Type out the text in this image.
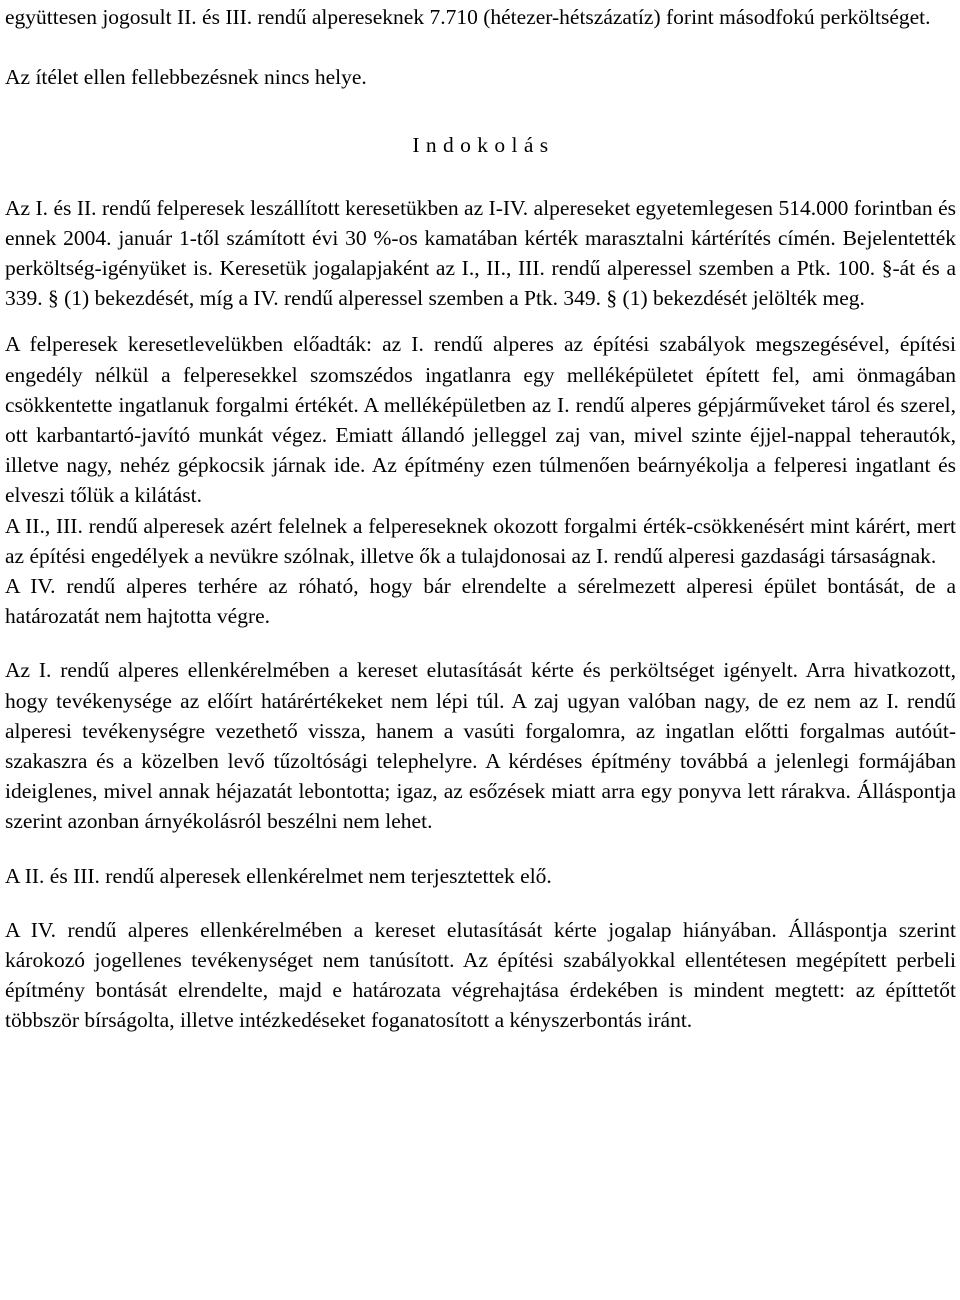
együttesen jogosult II. és III. rendű alpereseknek 7.710 (hétezer-hétszázatíz) forint másodfokú perköltséget.

Az ítélet ellen fellebbezésnek nincs helye.

I n d o k o l á s

Az I. és II. rendű felperesek leszállított keresetükben az I-IV. alpereseket egyetemlegesen 514.000 forintban és ennek 2004. január 1-től számított évi 30 %-os kamatában kérték marasztalni kártérítés címén. Bejelentették perköltség-igényüket is. Keresetük jogalapjaként az I., II., III. rendű alperessel szemben a Ptk. 100. §-át és a 339. § (1) bekezdését, míg a IV. rendű alperessel szemben a Ptk. 349. § (1) bekezdését jelölték meg.

A felperesek keresetlevelükben előadták: az I. rendű alperes az építési szabályok megszegésével, építési engedély nélkül a felperesekkel szomszédos ingatlanra egy melléképületet épített fel, ami önmagában csökkentette ingatlanuk forgalmi értékét. A melléképületben az I. rendű alperes gépjárműveket tárol és szerel, ott karbantartó-javító munkát végez. Emiatt állandó jelleggel zaj van, mivel szinte éjjel-nappal teherautók, illetve nagy, nehéz gépkocsik járnak ide. Az építmény ezen túlmenően beárnyékolja a felperesi ingatlant és elveszi tőlük a kilátást.

A II., III. rendű alperesek azért felelnek a felpereseknek okozott forgalmi érték-csökkenésért mint kárért, mert az építési engedélyek a nevükre szólnak, illetve ők a tulajdonosai az I. rendű alperesi gazdasági társaságnak.

A IV. rendű alperes terhére az róható, hogy bár elrendelte a sérelmezett alperesi épület bontását, de a határozatát nem hajtotta végre.

Az I. rendű alperes ellenkérelmében a kereset elutasítását kérte és perköltséget igényelt. Arra hivatkozott, hogy tevékenysége az előírt határértékeket nem lépi túl. A zaj ugyan valóban nagy, de ez nem az I. rendű alperesi tevékenységre vezethető vissza, hanem a vasúti forgalomra, az ingatlan előtti forgalmas autóút-szakaszra és a közelben levő tűzoltósági telephelyre. A kérdéses építmény továbbá a jelenlegi formájában ideiglenes, mivel annak héjazatát lebontotta; igaz, az esőzések miatt arra egy ponyva lett rárakva. Álláspontja szerint azonban árnyékolásról beszélni nem lehet.

A II. és III. rendű alperesek ellenkérelmet nem terjesztettek elő.

A IV. rendű alperes ellenkérelmében a kereset elutasítását kérte jogalap hiányában. Álláspontja szerint károkozó jogellenes tevékenységet nem tanúsított. Az építési szabályokkal ellentétesen megépített perbeli építmény bontását elrendelte, majd e határozata végrehajtása érdekében is mindent megtett: az építtetőt többször bírságolta, illetve intézkedéseket foganatosított a kényszerbontás iránt.
